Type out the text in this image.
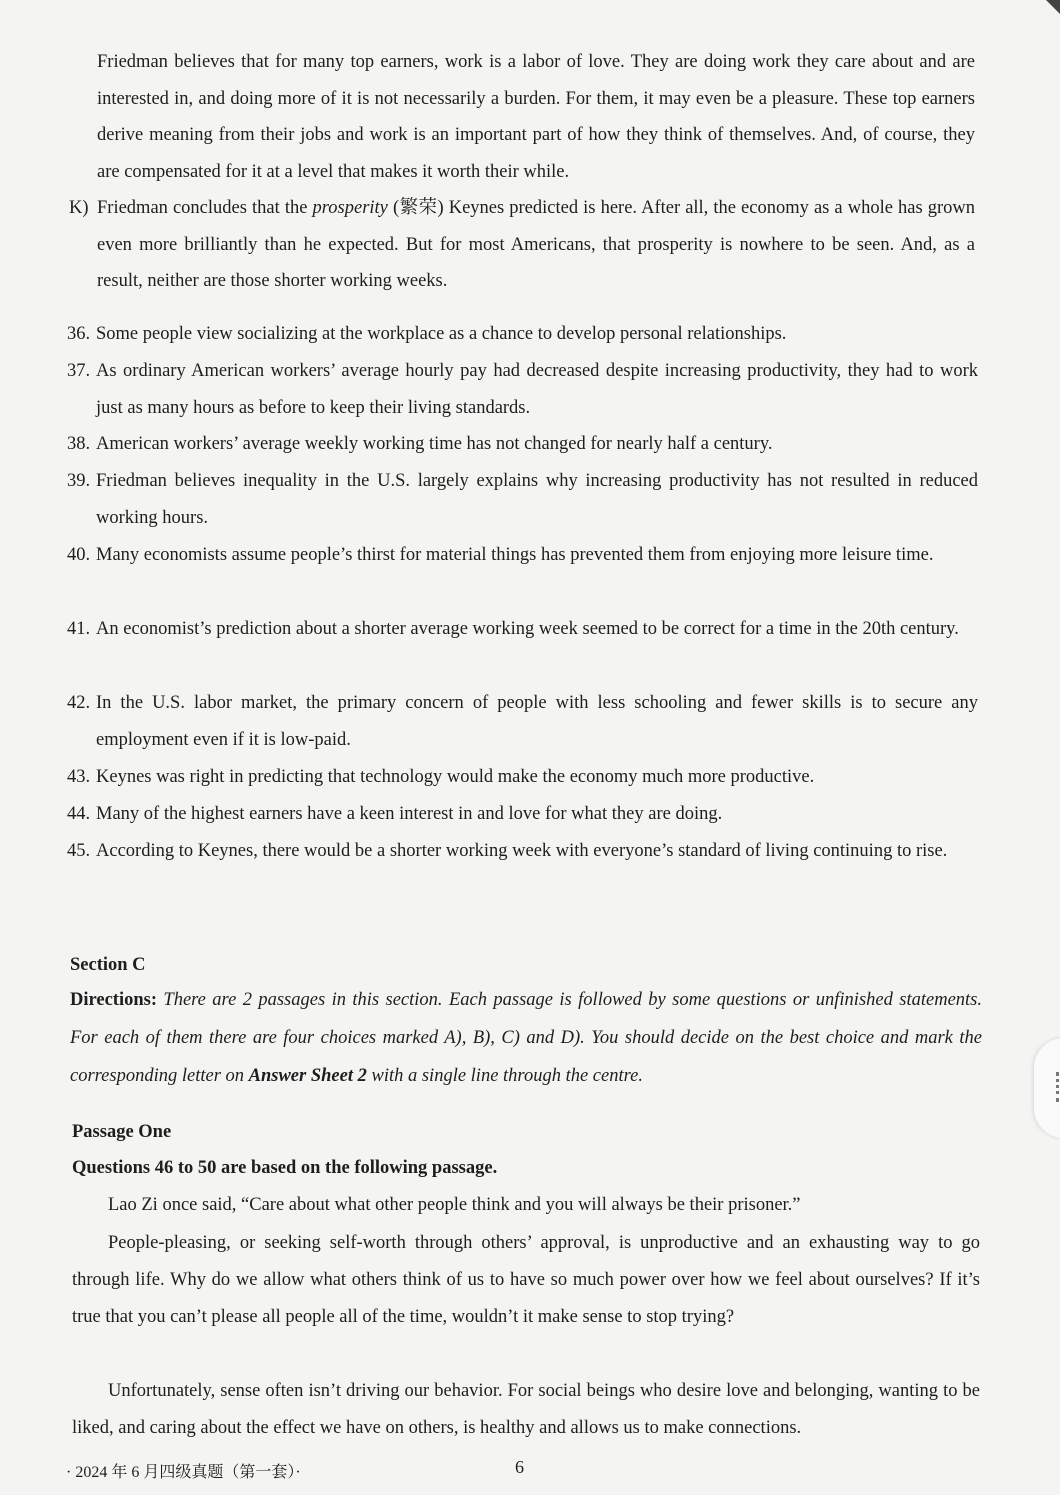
Friedman believes that for many top earners, work is a labor of love. They are doing work they care about and are interested in, and doing more of it is not necessarily a burden. For them, it may even be a pleasure. These top earners derive meaning from their jobs and work is an important part of how they think of themselves. And, of course, they are compensated for it at a level that makes it worth their while.
K) Friedman concludes that the prosperity (繁荣) Keynes predicted is here. After all, the economy as a whole has grown even more brilliantly than he expected. But for most Americans, that prosperity is nowhere to be seen. And, as a result, neither are those shorter working weeks.
36. Some people view socializing at the workplace as a chance to develop personal relationships.
37. As ordinary American workers’ average hourly pay had decreased despite increasing productivity, they had to work just as many hours as before to keep their living standards.
38. American workers’ average weekly working time has not changed for nearly half a century.
39. Friedman believes inequality in the U.S. largely explains why increasing productivity has not resulted in reduced working hours.
40. Many economists assume people’s thirst for material things has prevented them from enjoying more leisure time.
41. An economist’s prediction about a shorter average working week seemed to be correct for a time in the 20th century.
42. In the U.S. labor market, the primary concern of people with less schooling and fewer skills is to secure any employment even if it is low-paid.
43. Keynes was right in predicting that technology would make the economy much more productive.
44. Many of the highest earners have a keen interest in and love for what they are doing.
45. According to Keynes, there would be a shorter working week with everyone’s standard of living continuing to rise.
Section C
Directions: There are 2 passages in this section. Each passage is followed by some questions or unfinished statements. For each of them there are four choices marked A), B), C) and D). You should decide on the best choice and mark the corresponding letter on Answer Sheet 2 with a single line through the centre.
Passage One
Questions 46 to 50 are based on the following passage.
Lao Zi once said, “Care about what other people think and you will always be their prisoner.”
People-pleasing, or seeking self-worth through others’ approval, is unproductive and an exhausting way to go through life. Why do we allow what others think of us to have so much power over how we feel about ourselves? If it’s true that you can’t please all people all of the time, wouldn’t it make sense to stop trying?
Unfortunately, sense often isn’t driving our behavior. For social beings who desire love and belonging, wanting to be liked, and caring about the effect we have on others, is healthy and allows us to make connections.
· 2024 年 6 月四级真题（第一套）·	6
